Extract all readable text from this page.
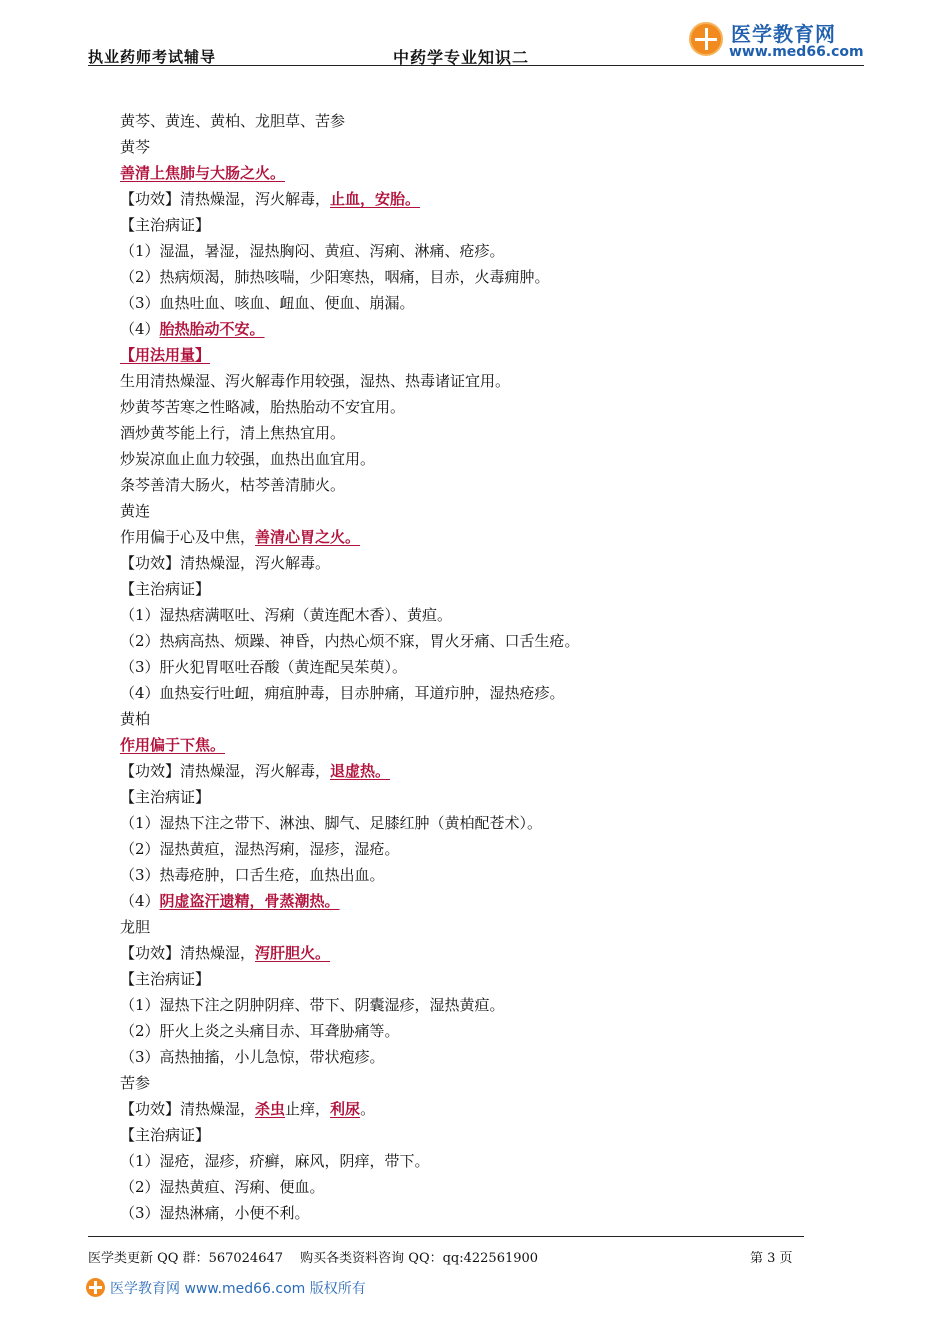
执业药师考试辅导	中药学专业知识二
医学教育网
www.med66.com
黄芩、黄连、黄柏、龙胆草、苦参
黄芩
善清上焦肺与大肠之火。
【功效】清热燥湿，泻火解毒，止血，安胎。
【主治病证】
（1）湿温，暑湿，湿热胸闷、黄疸、泻痢、淋痛、疮疹。
（2）热病烦渴，肺热咳喘，少阳寒热，咽痛，目赤，火毒痈肿。
（3）血热吐血、咳血、衄血、便血、崩漏。
（4）胎热胎动不安。
【用法用量】
生用清热燥湿、泻火解毒作用较强，湿热、热毒诸证宜用。
炒黄芩苦寒之性略减，胎热胎动不安宜用。
酒炒黄芩能上行，清上焦热宜用。
炒炭凉血止血力较强，血热出血宜用。
条芩善清大肠火，枯芩善清肺火。
黄连
作用偏于心及中焦，善清心胃之火。
【功效】清热燥湿，泻火解毒。
【主治病证】
（1）湿热痞满呕吐、泻痢（黄连配木香）、黄疸。
（2）热病高热、烦躁、神昏，内热心烦不寐，胃火牙痛、口舌生疮。
（3）肝火犯胃呕吐吞酸（黄连配吴茱萸）。
（4）血热妄行吐衄，痈疽肿毒，目赤肿痛，耳道疖肿，湿热疮疹。
黄柏
作用偏于下焦。
【功效】清热燥湿，泻火解毒，退虚热。
【主治病证】
（1）湿热下注之带下、淋浊、脚气、足膝红肿（黄柏配苍术）。
（2）湿热黄疸，湿热泻痢，湿疹，湿疮。
（3）热毒疮肿，口舌生疮，血热出血。
（4）阴虚盗汗遗精，骨蒸潮热。
龙胆
【功效】清热燥湿，泻肝胆火。
【主治病证】
（1）湿热下注之阴肿阴痒、带下、阴囊湿疹，湿热黄疸。
（2）肝火上炎之头痛目赤、耳聋胁痛等。
（3）高热抽搐，小儿急惊，带状疱疹。
苦参
【功效】清热燥湿，杀虫止痒，利尿。
【主治病证】
（1）湿疮，湿疹，疥癣，麻风，阴痒，带下。
（2）湿热黄疸、泻痢、便血。
（3）湿热淋痛，小便不利。
医学类更新 QQ 群：567024647　 购买各类资料咨询 QQ：qq:422561900	第 3 页
医学教育网 www.med66.com 版权所有
